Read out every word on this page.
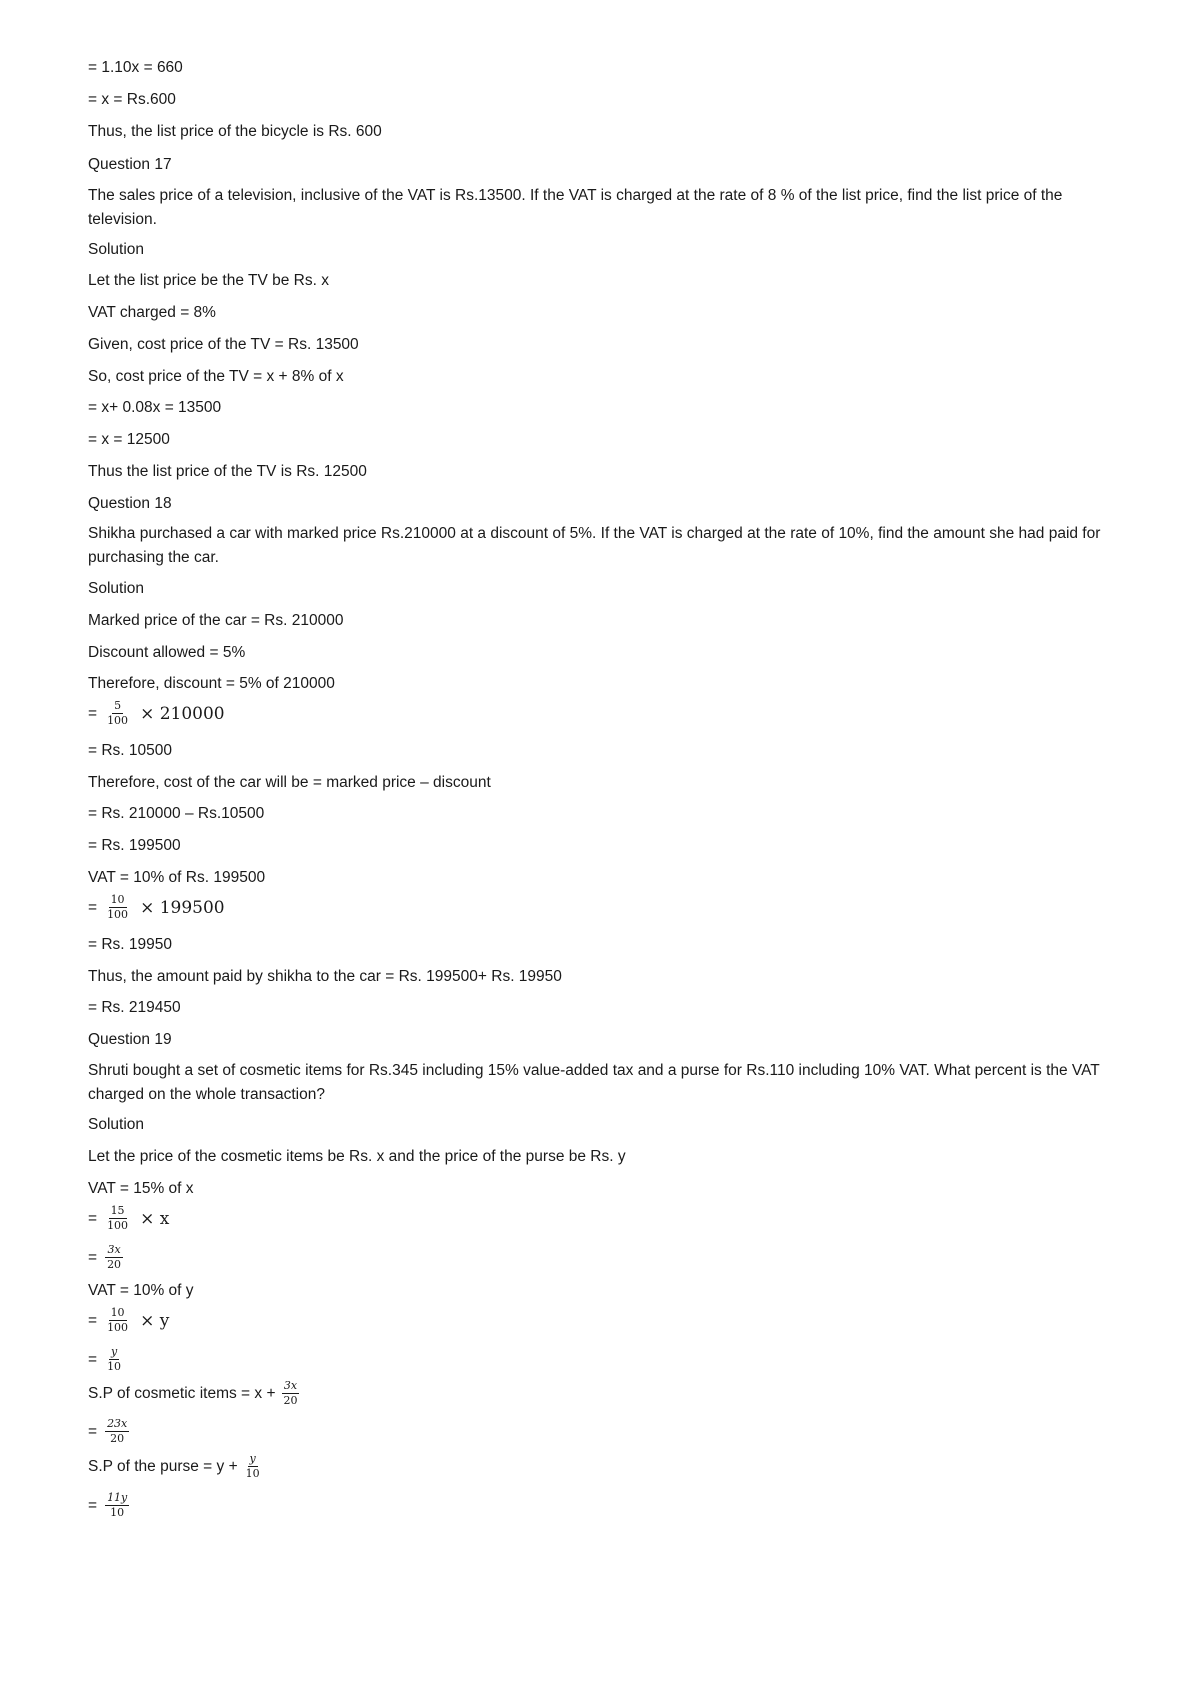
= 1.10x = 660
= x = Rs.600
Thus, the list price of the bicycle is Rs. 600
Question 17
The sales price of a television, inclusive of the VAT is Rs.13500. If the VAT is charged at the rate of 8 % of the list price, find the list price of the television.
Solution
Let the list price be the TV be Rs. x
VAT charged = 8%
Given, cost price of the TV = Rs. 13500
So, cost price of the TV = x + 8% of x
= x+ 0.08x = 13500
= x = 12500
Thus the list price of the TV is Rs. 12500
Question 18
Shikha purchased a car with marked price Rs.210000 at a discount of 5%. If the VAT is charged at the rate of 10%, find the amount she had paid for purchasing the car.
Solution
Marked price of the car = Rs. 210000
Discount allowed = 5%
Therefore, discount = 5% of 210000
= $\frac{5}{100} \times 210000$
= Rs. 10500
Therefore, cost of the car will be = marked price – discount
= Rs. 210000 – Rs.10500
= Rs. 199500
VAT = 10% of Rs. 199500
= $\frac{10}{100} \times 199500$
= Rs. 19950
Thus, the amount paid by shikha to the car = Rs. 199500+ Rs. 19950
= Rs. 219450
Question 19
Shruti bought a set of cosmetic items for Rs.345 including 15% value-added tax and a purse for Rs.110 including 10% VAT. What percent is the VAT charged on the whole transaction?
Solution
Let the price of the cosmetic items be Rs. x and the price of the purse be Rs. y
VAT = 15% of x
= $\frac{15}{100} \times x$
= $\frac{3x}{20}$
VAT = 10% of y
= $\frac{10}{100} \times y$
= $\frac{y}{10}$
S.P of cosmetic items = $x + \frac{3x}{20}$
= $\frac{23x}{20}$
S.P of the purse = $y + \frac{y}{10}$
= $\frac{11y}{10}$
